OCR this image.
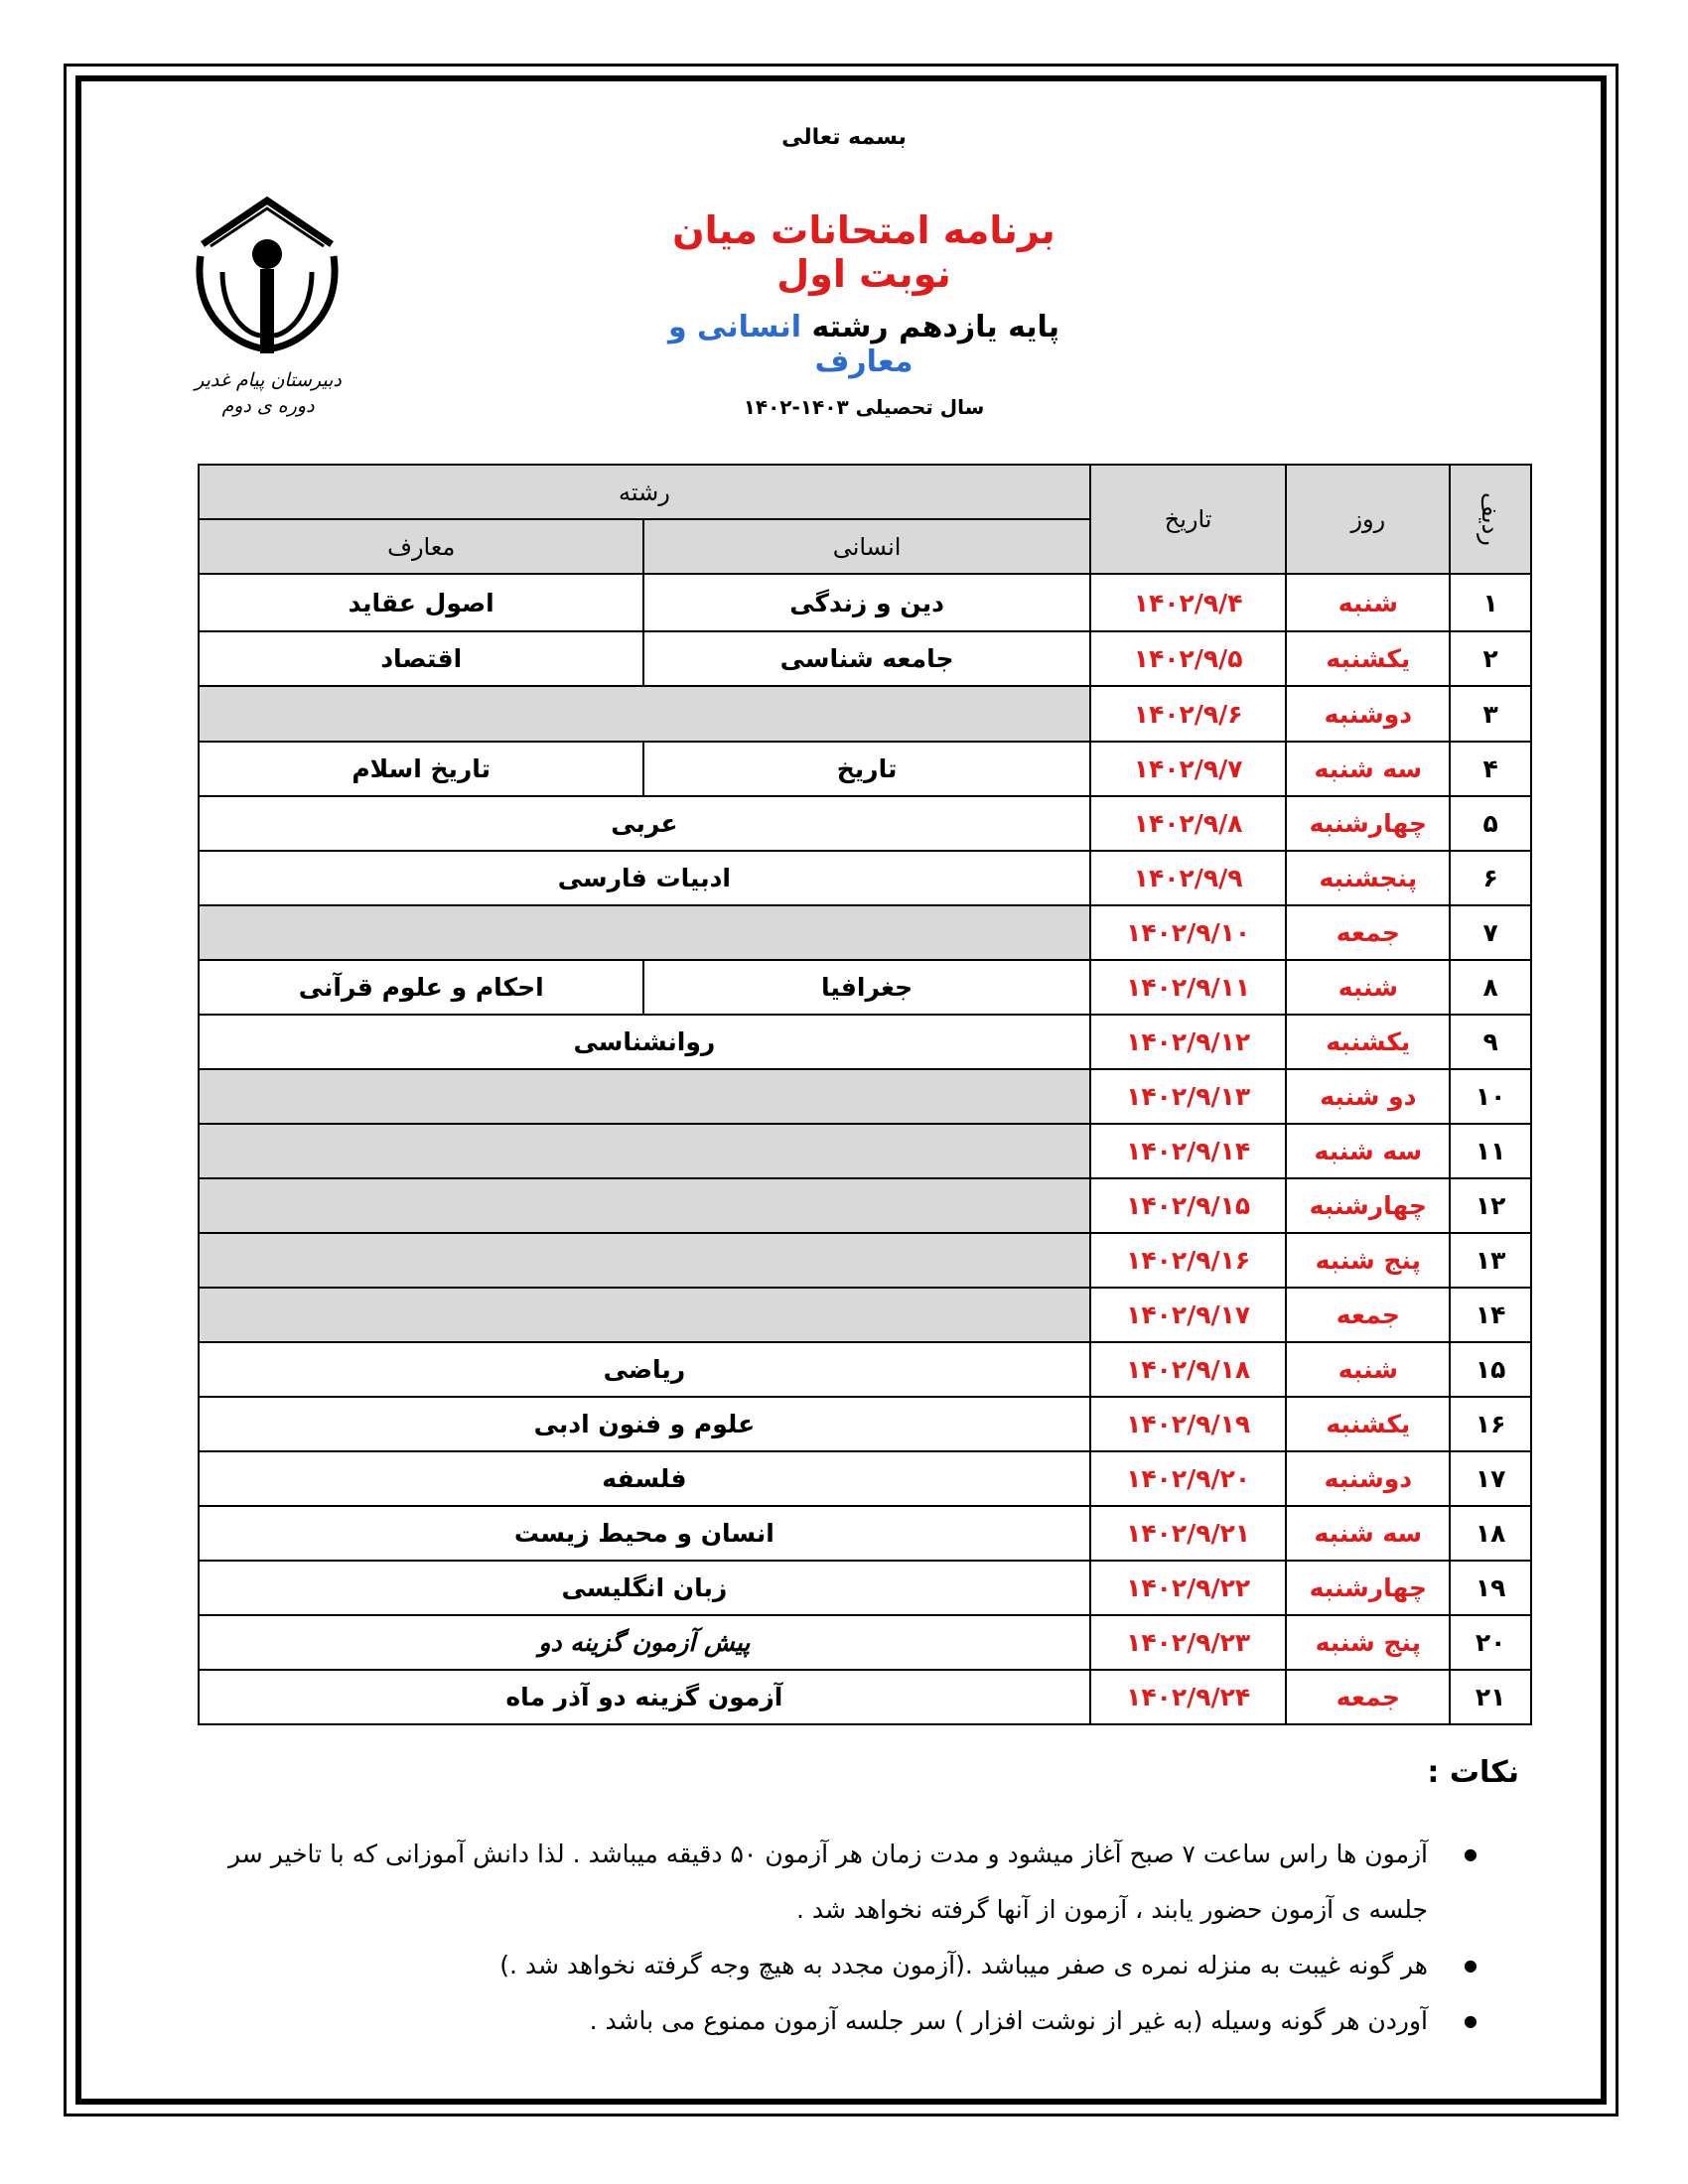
بسمه تعالی
برنامه امتحانات میان نوبت اول
پایه یازدهم رشته انسانی و معارف
سال تحصیلی ۱۴۰۳-۱۴۰۲
دبیرستان پیام غدیر
دوره ی دوم
ردیف	روز	تاریخ	رشته	
			انسانی	معارف
۱	شنبه	۱۴۰۲/۹/۴	دین و زندگی	اصول عقاید
۲	یکشنبه	۱۴۰۲/۹/۵	جامعه شناسی	اقتصاد
۳	دوشنبه	۱۴۰۲/۹/۶		
۴	سه شنبه	۱۴۰۲/۹/۷	تاریخ	تاریخ اسلام
۵	چهارشنبه	۱۴۰۲/۹/۸	عربی	
۶	پنجشنبه	۱۴۰۲/۹/۹	ادبیات فارسی	
۷	جمعه	۱۴۰۲/۹/۱۰		
۸	شنبه	۱۴۰۲/۹/۱۱	جغرافیا	احکام و علوم قرآنی
۹	یکشنبه	۱۴۰۲/۹/۱۲	روانشناسی	
۱۰	دو شنبه	۱۴۰۲/۹/۱۳		
۱۱	سه شنبه	۱۴۰۲/۹/۱۴		
۱۲	چهارشنبه	۱۴۰۲/۹/۱۵		
۱۳	پنج شنبه	۱۴۰۲/۹/۱۶		
۱۴	جمعه	۱۴۰۲/۹/۱۷		
۱۵	شنبه	۱۴۰۲/۹/۱۸	ریاضی	
۱۶	یکشنبه	۱۴۰۲/۹/۱۹	علوم و فنون ادبی	
۱۷	دوشنبه	۱۴۰۲/۹/۲۰	فلسفه	
۱۸	سه شنبه	۱۴۰۲/۹/۲۱	انسان و محیط زیست	
۱۹	چهارشنبه	۱۴۰۲/۹/۲۲	زبان انگلیسی	
۲۰	پنج شنبه	۱۴۰۲/۹/۲۳	پیش آزمون گزینه دو	
۲۱	جمعه	۱۴۰۲/۹/۲۴	آزمون گزینه دو آذر ماه	
نکات :
● آزمون ها راس ساعت ۷ صبح آغاز میشود و مدت زمان هر آزمون ۵۰ دقیقه میباشد . لذا دانش آموزانی که با تاخیر سر جلسه ی آزمون حضور یابند ، آزمون از آنها گرفته نخواهد شد .
● هر گونه غیبت به منزله نمره ی صفر میباشد .(آزمون مجدد به هیچ وجه گرفته نخواهد شد .)
● آوردن هر گونه وسیله (به غیر از نوشت افزار ) سر جلسه آزمون ممنوع می باشد .
